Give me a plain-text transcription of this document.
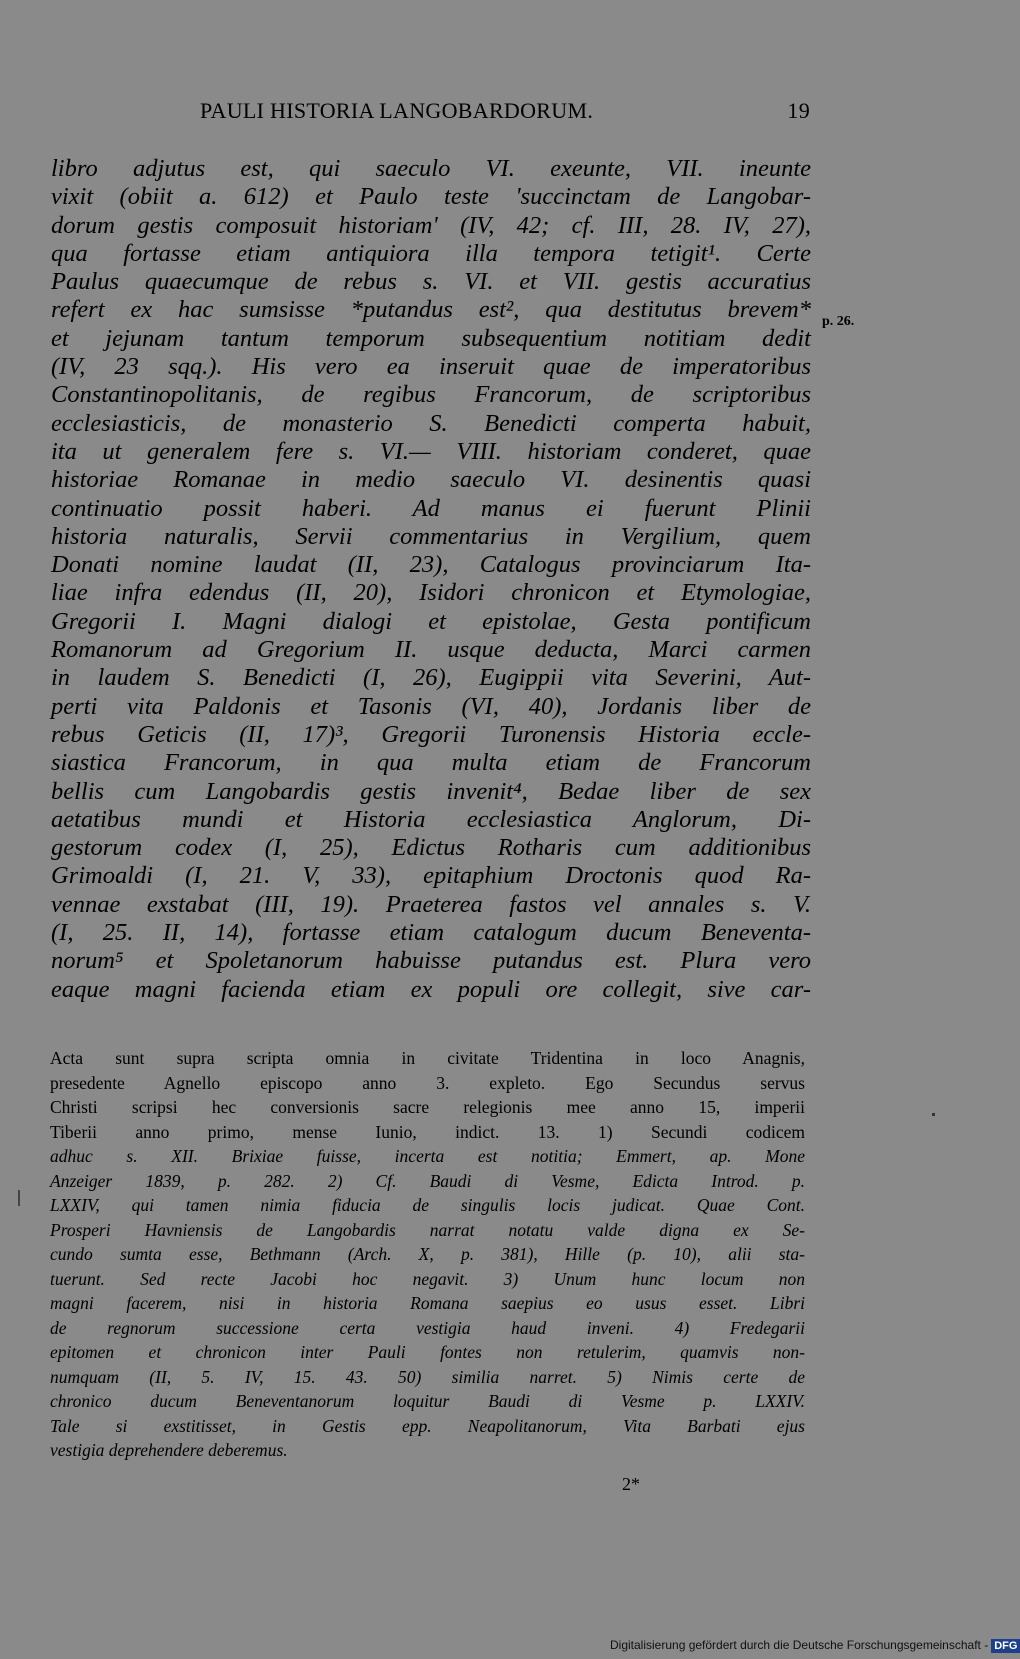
PAULI HISTORIA LANGOBARDORUM.	19
p. 26.
libro adjutus est, qui saeculo VI. exeunte, VII. ineunte
vixit (obiit a. 612) et Paulo teste 'succinctam de Langobar-
dorum gestis composuit historiam' (IV, 42; cf. III, 28. IV, 27),
qua fortasse etiam antiquiora illa tempora tetigit¹. Certe
Paulus quaecumque de rebus s. VI. et VII. gestis accuratius
refert ex hac sumsisse *putandus est², qua destitutus brevem*
et jejunam tantum temporum subsequentium notitiam dedit
(IV, 23 sqq.). His vero ea inseruit quae de imperatoribus
Constantinopolitanis, de regibus Francorum, de scriptoribus
ecclesiasticis, de monasterio S. Benedicti comperta habuit,
ita ut generalem fere s. VI.— VIII. historiam conderet, quae
historiae Romanae in medio saeculo VI. desinentis quasi
continuatio possit haberi. Ad manus ei fuerunt Plinii
historia naturalis, Servii commentarius in Vergilium, quem
Donati nomine laudat (II, 23), Catalogus provinciarum Ita-
liae infra edendus (II, 20), Isidori chronicon et Etymologiae,
Gregorii I. Magni dialogi et epistolae, Gesta pontificum
Romanorum ad Gregorium II. usque deducta, Marci carmen
in laudem S. Benedicti (I, 26), Eugippii vita Severini, Aut-
perti vita Paldonis et Tasonis (VI, 40), Jordanis liber de
rebus Geticis (II, 17)³, Gregorii Turonensis Historia eccle-
siastica Francorum, in qua multa etiam de Francorum
bellis cum Langobardis gestis invenit⁴, Bedae liber de sex
aetatibus mundi et Historia ecclesiastica Anglorum, Di-
gestorum codex (I, 25), Edictus Rotharis cum additionibus
Grimoaldi (I, 21. V, 33), epitaphium Droctonis quod Ra-
vennae exstabat (III, 19). Praeterea fastos vel annales s. V.
(I, 25. II, 14), fortasse etiam catalogum ducum Beneventa-
norum⁵ et Spoletanorum habuisse putandus est. Plura vero
eaque magni facienda etiam ex populi ore collegit, sive car-
Acta sunt supra scripta omnia in civitate Tridentina in loco Anagnis,
presedente Agnello episcopo anno 3. expleto. Ego Secundus servus
Christi scripsi hec conversionis sacre relegionis mee anno 15, imperii
Tiberii anno primo, mense Iunio, indict. 13. 1) Secundi codicem
adhuc s. XII. Brixiae fuisse, incerta est notitia; Emmert, ap. Mone
Anzeiger 1839, p. 282. 2) Cf. Baudi di Vesme, Edicta Introd. p.
LXXIV, qui tamen nimia fiducia de singulis locis judicat. Quae Cont.
Prosperi Havniensis de Langobardis narrat notatu valde digna ex Se-
cundo sumta esse, Bethmann (Arch. X, p. 381), Hille (p. 10), alii sta-
tuerunt. Sed recte Jacobi hoc negavit. 3) Unum hunc locum non
magni facerem, nisi in historia Romana saepius eo usus esset. Libri
de regnorum successione certa vestigia haud inveni. 4) Fredegarii
epitomen et chronicon inter Pauli fontes non retulerim, quamvis non-
numquam (II, 5. IV, 15. 43. 50) similia narret. 5) Nimis certe de
chronico ducum Beneventanorum loquitur Baudi di Vesme p. LXXIV.
Tale si exstitisset, in Gestis epp. Neapolitanorum, Vita Barbati ejus
vestigia deprehendere deberemus.
2*
Digitalisierung gefördert durch die Deutsche Forschungsgemeinschaft - DFG
